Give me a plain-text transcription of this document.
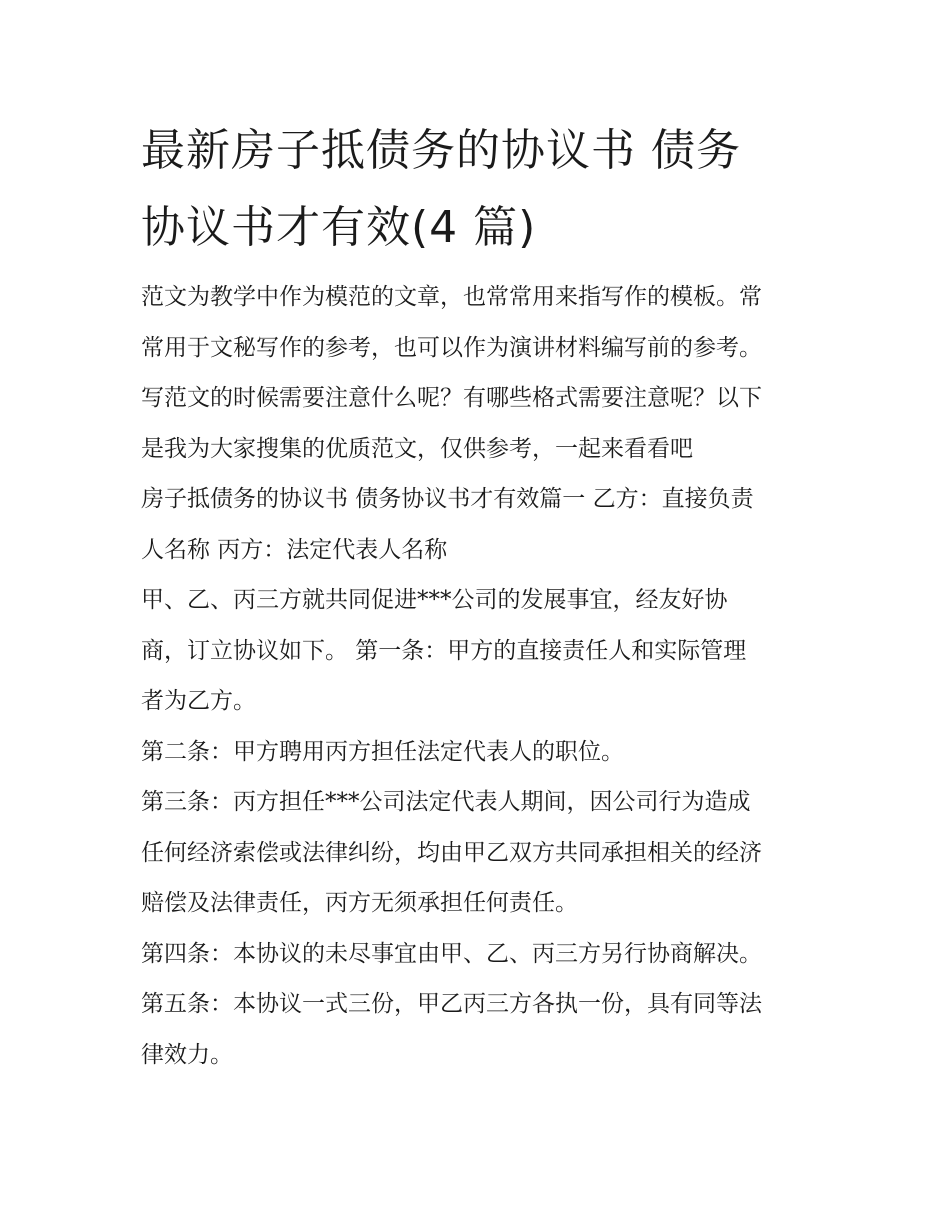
最新房子抵债务的协议书 债务
协议书才有效(4 篇)

范文为教学中作为模范的文章，也常常用来指写作的模板。常
常用于文秘写作的参考，也可以作为演讲材料编写前的参考。
写范文的时候需要注意什么呢？有哪些格式需要注意呢？以下
是我为大家搜集的优质范文，仅供参考，一起来看看吧

房子抵债务的协议书 债务协议书才有效篇一 乙方：直接负责
人名称 丙方：法定代表人名称

甲、乙、丙三方就共同促进***公司的发展事宜，经友好协
商，订立协议如下。 第一条：甲方的直接责任人和实际管理
者为乙方。

第二条：甲方聘用丙方担任法定代表人的职位。

第三条：丙方担任***公司法定代表人期间，因公司行为造成
任何经济索偿或法律纠纷，均由甲乙双方共同承担相关的经济
赔偿及法律责任，丙方无须承担任何责任。

第四条：本协议的未尽事宜由甲、乙、丙三方另行协商解决。

第五条：本协议一式三份，甲乙丙三方各执一份，具有同等法
律效力。
